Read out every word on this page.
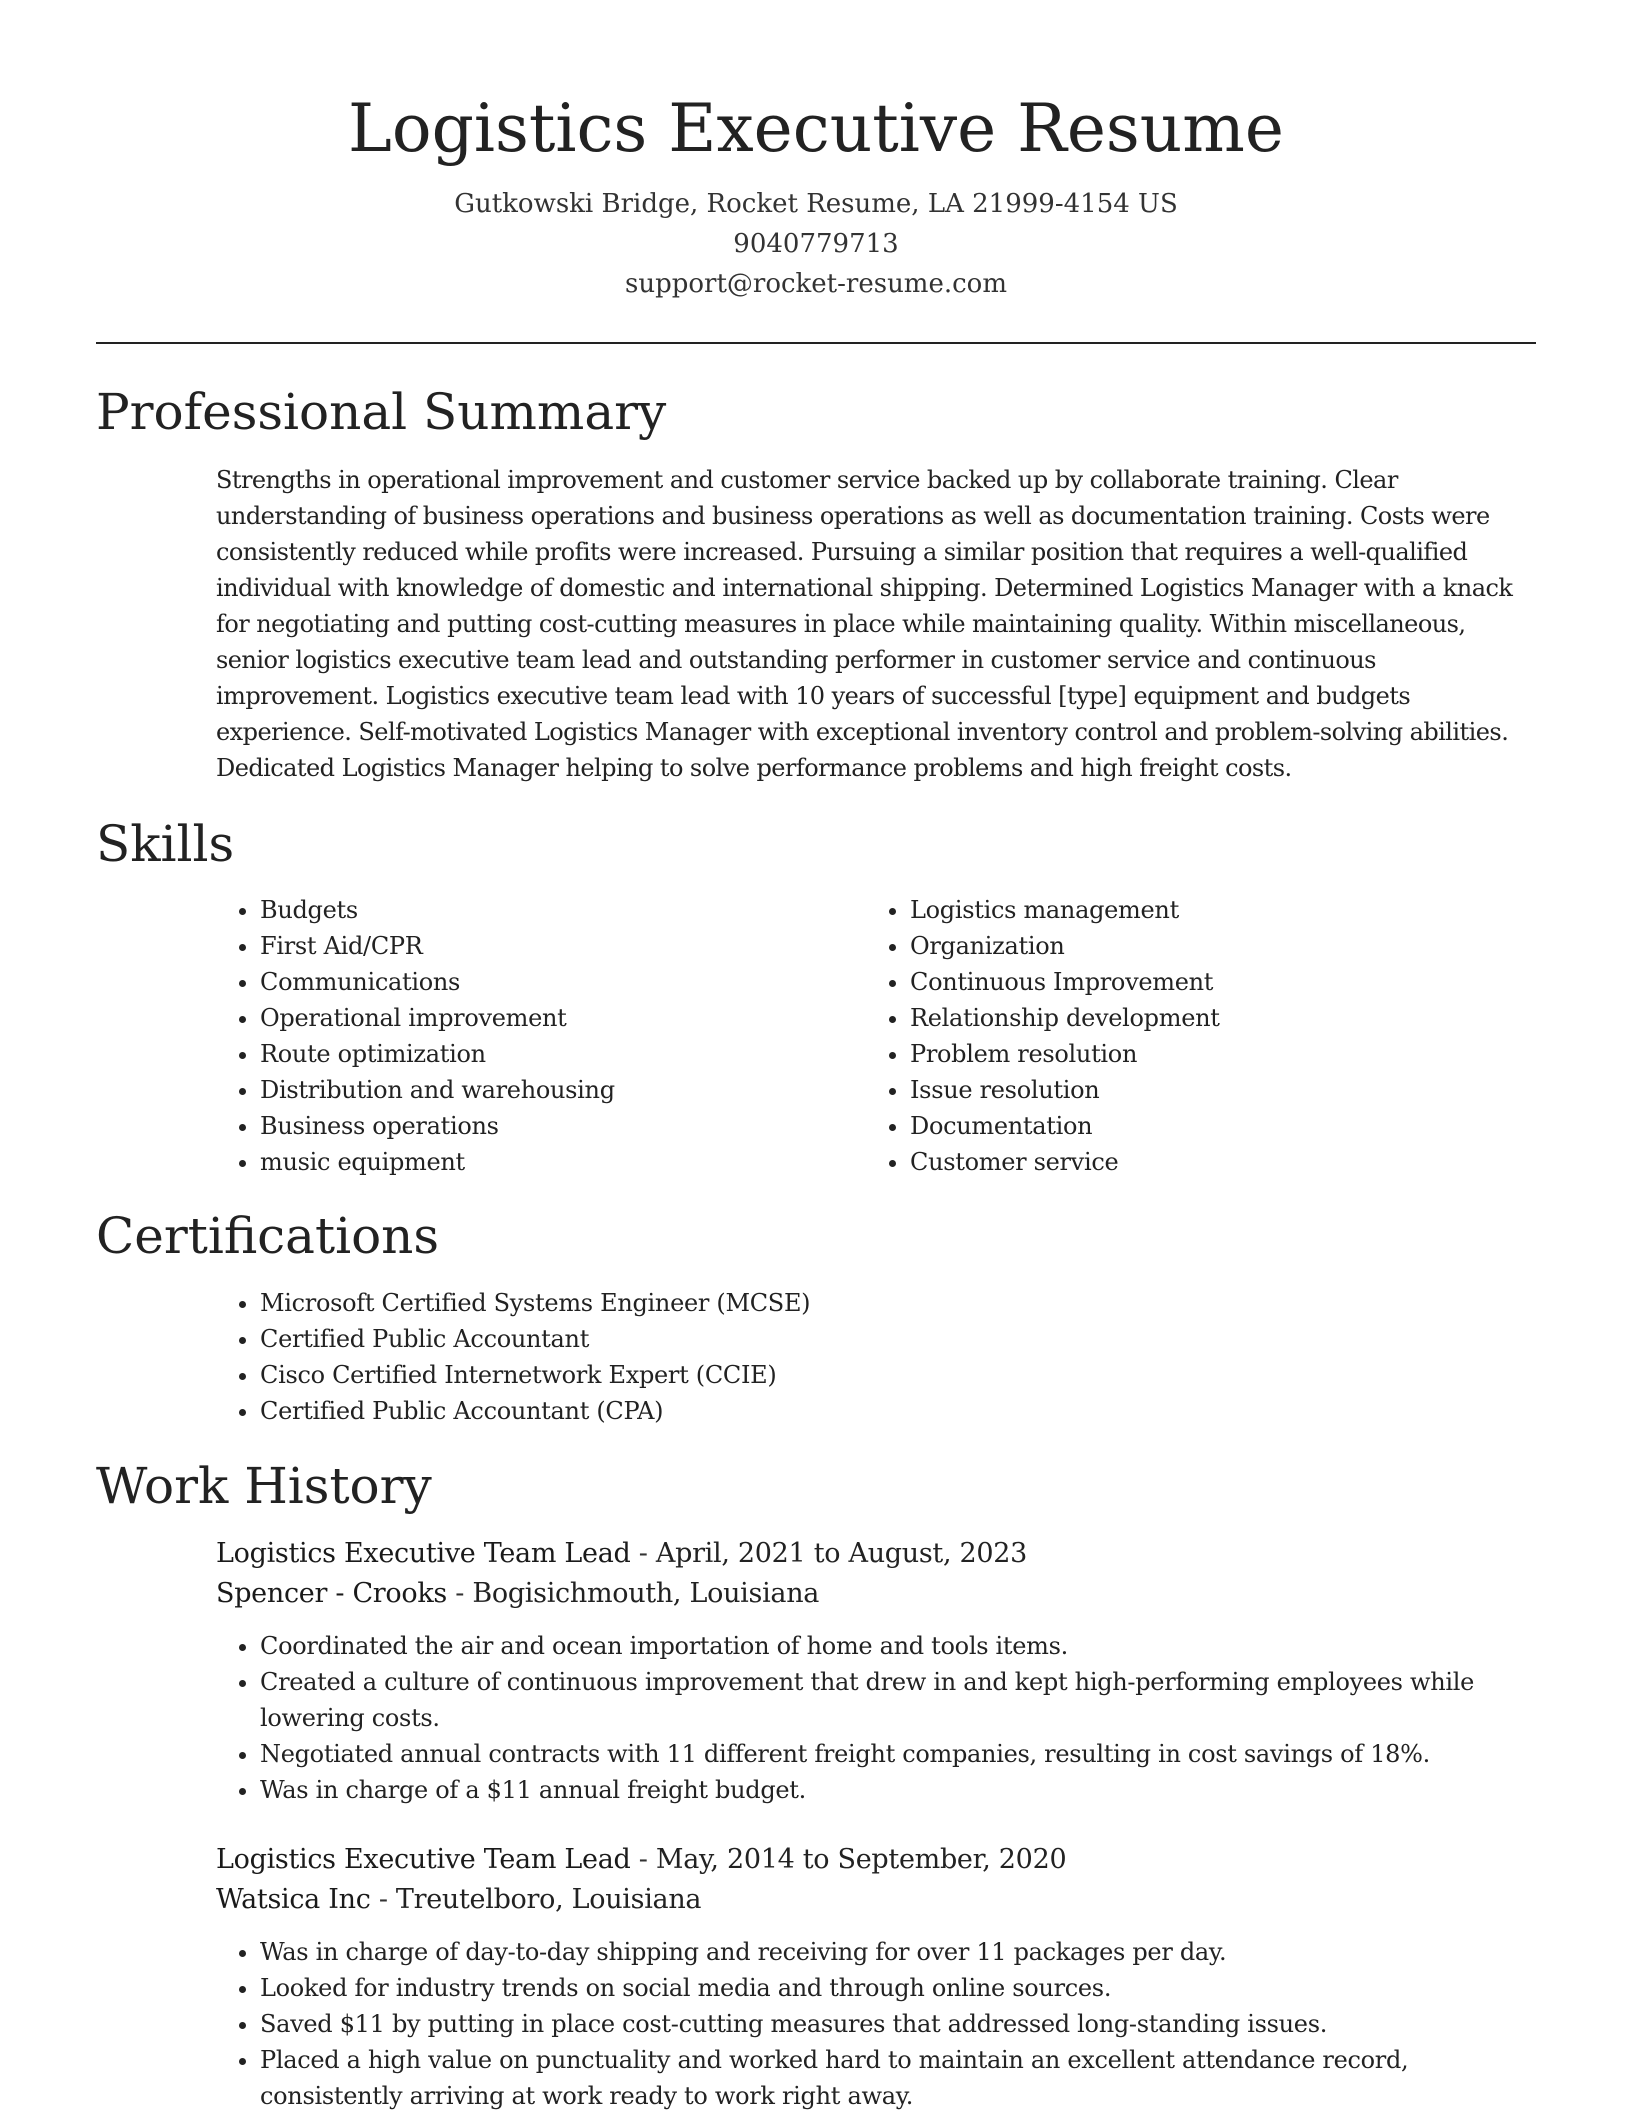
Logistics Executive Resume
Gutkowski Bridge, Rocket Resume, LA 21999-4154 US
9040779713
support@rocket-resume.com
Professional Summary

Strengths in operational improvement and customer service backed up by collaborate training. Clear understanding of business operations and business operations as well as documentation training. Costs were consistently reduced while profits were increased. Pursuing a similar position that requires a well-qualified individual with knowledge of domestic and international shipping. Determined Logistics Manager with a knack for negotiating and putting cost-cutting measures in place while maintaining quality. Within miscellaneous, senior logistics executive team lead and outstanding performer in customer service and continuous improvement. Logistics executive team lead with 10 years of successful [type] equipment and budgets experience. Self-motivated Logistics Manager with exceptional inventory control and problem-solving abilities. Dedicated Logistics Manager helping to solve performance problems and high freight costs.

Skills
• Budgets
• First Aid/CPR
• Communications
• Operational improvement
• Route optimization
• Distribution and warehousing
• Business operations
• music equipment
• Logistics management
• Organization
• Continuous Improvement
• Relationship development
• Problem resolution
• Issue resolution
• Documentation
• Customer service
Certifications
• Microsoft Certified Systems Engineer (MCSE)
• Certified Public Accountant
• Cisco Certified Internetwork Expert (CCIE)
• Certified Public Accountant (CPA)
Work History
Logistics Executive Team Lead - April, 2021 to August, 2023
Spencer - Crooks - Bogisichmouth, Louisiana
• Coordinated the air and ocean importation of home and tools items.
• Created a culture of continuous improvement that drew in and kept high-performing employees while lowering costs.
• Negotiated annual contracts with 11 different freight companies, resulting in cost savings of 18%.
• Was in charge of a $11 annual freight budget.
Logistics Executive Team Lead - May, 2014 to September, 2020
Watsica Inc - Treutelboro, Louisiana
• Was in charge of day-to-day shipping and receiving for over 11 packages per day.
• Looked for industry trends on social media and through online sources.
• Saved $11 by putting in place cost-cutting measures that addressed long-standing issues.
• Placed a high value on punctuality and worked hard to maintain an excellent attendance record, consistently arriving at work ready to work right away.
